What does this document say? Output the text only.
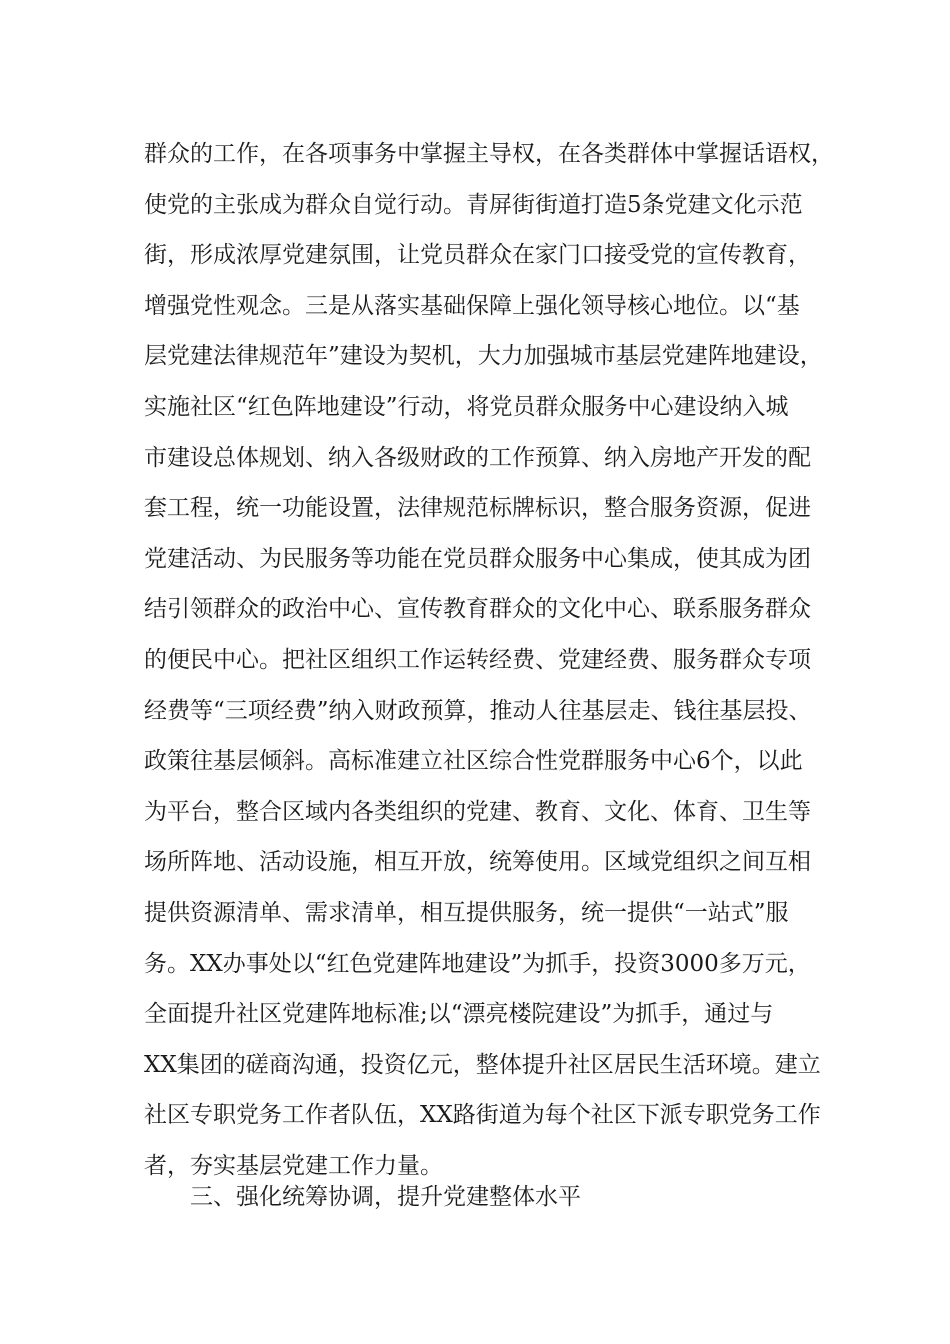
群众的工作，在各项事务中掌握主导权，在各类群体中掌握话语权，
使党的主张成为群众自觉行动。青屏街街道打造5条党建文化示范
街，形成浓厚党建氛围，让党员群众在家门口接受党的宣传教育，
增强党性观念。三是从落实基础保障上强化领导核心地位。以“基
层党建法律规范年”建设为契机，大力加强城市基层党建阵地建设，
实施社区“红色阵地建设”行动，将党员群众服务中心建设纳入城
市建设总体规划、纳入各级财政的工作预算、纳入房地产开发的配
套工程，统一功能设置，法律规范标牌标识，整合服务资源，促进
党建活动、为民服务等功能在党员群众服务中心集成，使其成为团
结引领群众的政治中心、宣传教育群众的文化中心、联系服务群众
的便民中心。把社区组织工作运转经费、党建经费、服务群众专项
经费等“三项经费”纳入财政预算，推动人往基层走、钱往基层投、
政策往基层倾斜。高标准建立社区综合性党群服务中心6个，以此
为平台，整合区域内各类组织的党建、教育、文化、体育、卫生等
场所阵地、活动设施，相互开放，统筹使用。区域党组织之间互相
提供资源清单、需求清单，相互提供服务，统一提供“一站式”服
务。XX办事处以“红色党建阵地建设”为抓手，投资3000多万元，
全面提升社区党建阵地标准;以“漂亮楼院建设”为抓手，通过与
XX集团的磋商沟通，投资亿元，整体提升社区居民生活环境。建立
社区专职党务工作者队伍，XX路街道为每个社区下派专职党务工作
者，夯实基层党建工作力量。
三、强化统筹协调，提升党建整体水平
